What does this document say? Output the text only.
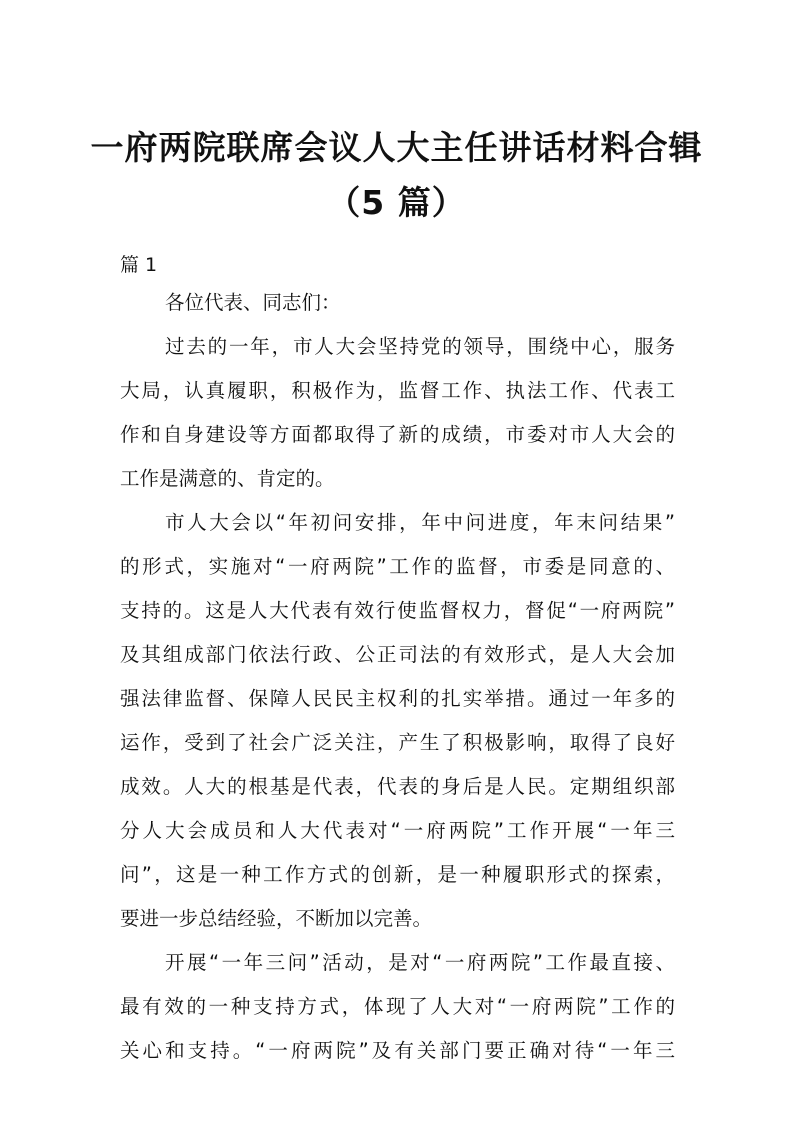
一府两院联席会议人大主任讲话材料合辑
（5 篇）
篇 1
各位代表、同志们：
过去的一年，市人大会坚持党的领导，围绕中心，服务
大局，认真履职，积极作为，监督工作、执法工作、代表工
作和自身建设等方面都取得了新的成绩，市委对市人大会的
工作是满意的、肯定的。
市人大会以“年初问安排，年中问进度，年末问结果”
的形式，实施对“一府两院”工作的监督，市委是同意的、
支持的。这是人大代表有效行使监督权力，督促“一府两院”
及其组成部门依法行政、公正司法的有效形式，是人大会加
强法律监督、保障人民民主权利的扎实举措。通过一年多的
运作，受到了社会广泛关注，产生了积极影响，取得了良好
成效。人大的根基是代表，代表的身后是人民。定期组织部
分人大会成员和人大代表对“一府两院”工作开展“一年三
问”，这是一种工作方式的创新，是一种履职形式的探索，
要进一步总结经验，不断加以完善。
开展“一年三问”活动，是对“一府两院”工作最直接、
最有效的一种支持方式，体现了人大对“一府两院”工作的
关心和支持。“一府两院”及有关部门要正确对待“一年三
